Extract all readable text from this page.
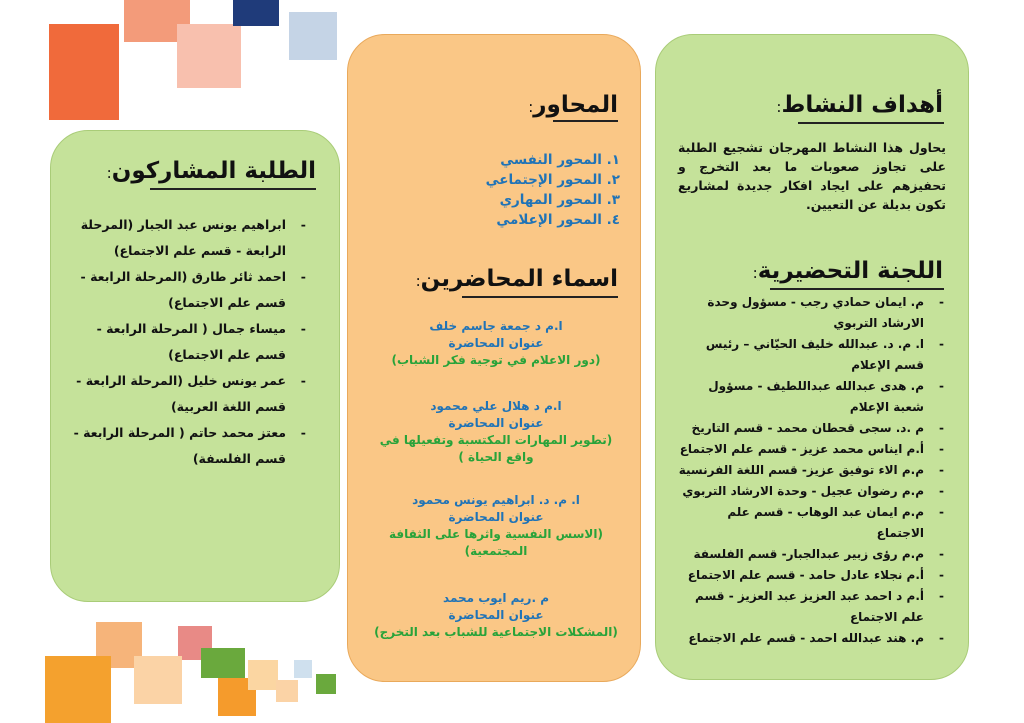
أهداف النشاط:
يحاول هذا النشاط المهرجان تشجيع الطلبة على تجاوز صعوبات ما بعد التخرج و تحفيزهم على ايجاد افكار جديدة لمشاريع تكون بديلة عن التعيين.
اللجنة التحضيرية:
- م. ايمان حمادي رجب - مسؤول وحدة الارشاد التربوي
- ا. م. د. عبدالله خليف الحيّاني – رئيس قسم الإعلام
- م. هدى عبدالله عبداللطيف - مسؤول شعبة الإعلام
- م .د. سجى قحطان محمد - قسم التاريخ
- أ.م ايناس محمد عزيز - قسم علم الاجتماع
- م.م الاء توفيق عزيز- قسم اللغة الفرنسية
- م.م رضوان عجيل - وحدة الارشاد التربوي
- م.م ايمان عبد الوهاب - قسم علم الاجتماع
- م.م رؤى زبير عبدالجبار- قسم الفلسفة
- أ.م نجلاء عادل حامد - قسم علم الاجتماع
- أ.م د احمد عبد العزيز عبد العزيز - قسم علم الاجتماع
- م. هند عبدالله احمد - قسم علم الاجتماع
المحاور:
١. المحور النفسي
٢. المحور الإجتماعي
٣. المحور المهاري
٤. المحور الإعلامي
اسماء المحاضرين:
ا.م د جمعة جاسم خلف
عنوان المحاضرة
(دور الاعلام في توجية فكر الشباب)
ا.م د هلال علي محمود
عنوان المحاضرة
(تطوير المهارات المكتسبة وتفعيلها في واقع الحياة )
ا. م. د. ابراهيم يونس محمود
عنوان المحاضرة
(الاسس النفسية واثرها على الثقافة المجتمعية)
م .ريم ايوب محمد
عنوان المحاضرة
(المشكلات الاجتماعية للشباب بعد التخرج)
الطلبة المشاركون:
- ابراهيم يونس عبد الجبار (المرحلة الرابعة - قسم علم الاجتماع)
- احمد ثائر طارق (المرحلة الرابعة - قسم علم الاجتماع)
- ميساء جمال ( المرحلة الرابعة - قسم علم الاجتماع)
- عمر يونس خليل (المرحلة الرابعة - قسم اللغة العربية)
- معتز محمد حاتم ( المرحلة الرابعة - قسم الفلسفة)
